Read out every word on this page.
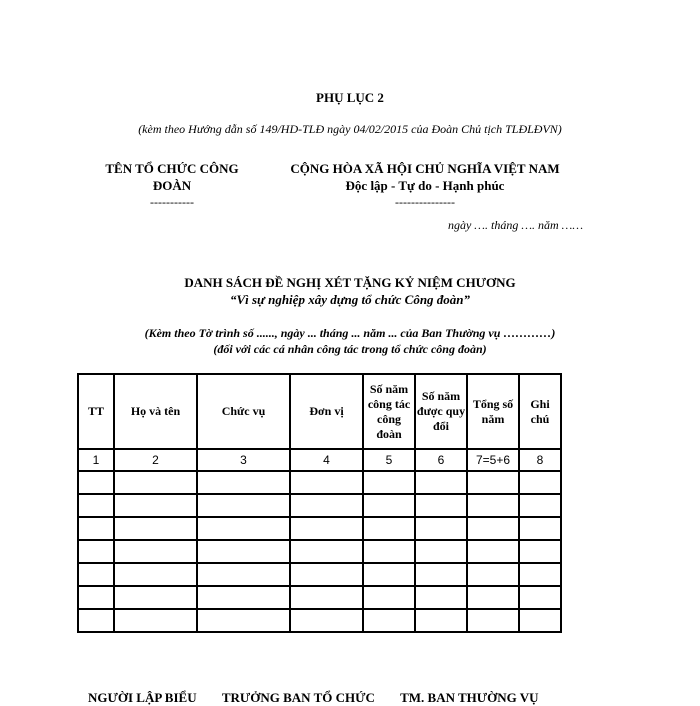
PHỤ LỤC 2
(kèm theo Hướng dẫn số 149/HD-TLĐ ngày 04/02/2015 của Đoàn Chủ tịch TLĐLĐVN)
TÊN TỔ CHỨC CÔNG
ĐOÀN
-----------
CỘNG HÒA XÃ HỘI CHỦ NGHĨA VIỆT NAM
Độc lập - Tự do - Hạnh phúc
---------------
ngày …. tháng …. năm ……
DANH SÁCH ĐỀ NGHỊ XÉT TẶNG KỶ NIỆM CHƯƠNG
“Vì sự nghiệp xây dựng tổ chức Công đoàn”
(Kèm theo Tờ trình số ......, ngày ... tháng ... năm ... của Ban Thường vụ …………)
(đối với các cá nhân công tác trong tổ chức công đoàn)
TT	Họ và tên	Chức vụ	Đơn vị	Số năm công tác công đoàn	Số năm được quy đổi	Tổng số năm	Ghi chú
1	2	3	4	5	6	7=5+6	8

NGƯỜI LẬP BIỂU TRƯỞNG BAN TỔ CHỨC TM. BAN THƯỜNG VỤ
